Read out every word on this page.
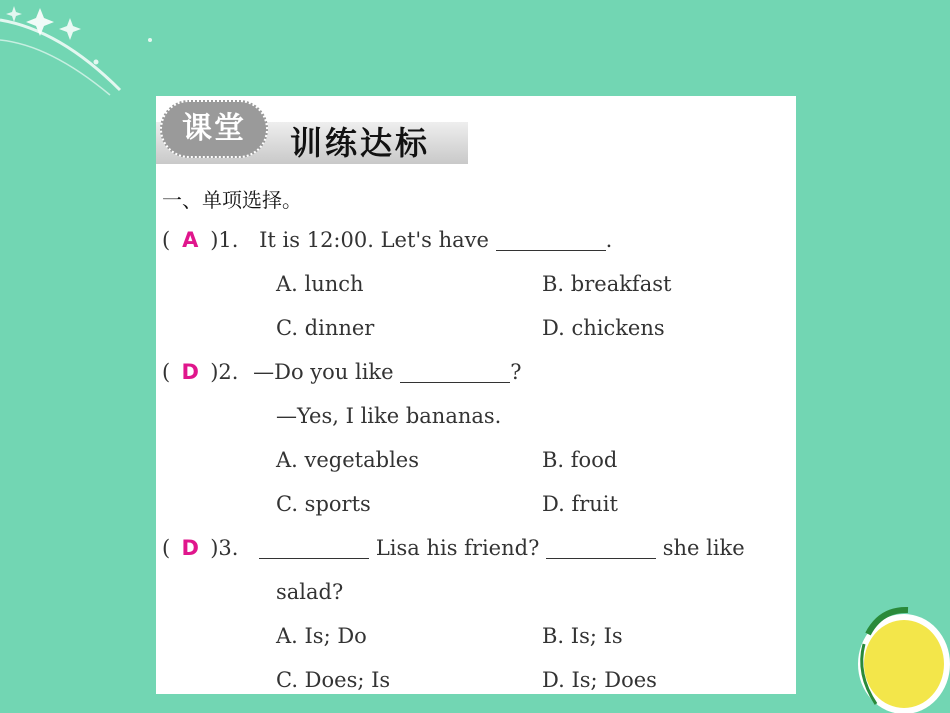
课堂	训练达标
一、单项选择。
( A )1. It is 12:00. Let's have	.
A. lunch	B. breakfast
C. dinner	D. chickens
( D )2. —Do you like	?
—Yes, I like bananas.
A. vegetables	B. food
C. sports	D. fruit
( D )3.	Lisa his friend?	she like
salad?
A. Is; Do	B. Is; Is
C. Does; Is	D. Is; Does
